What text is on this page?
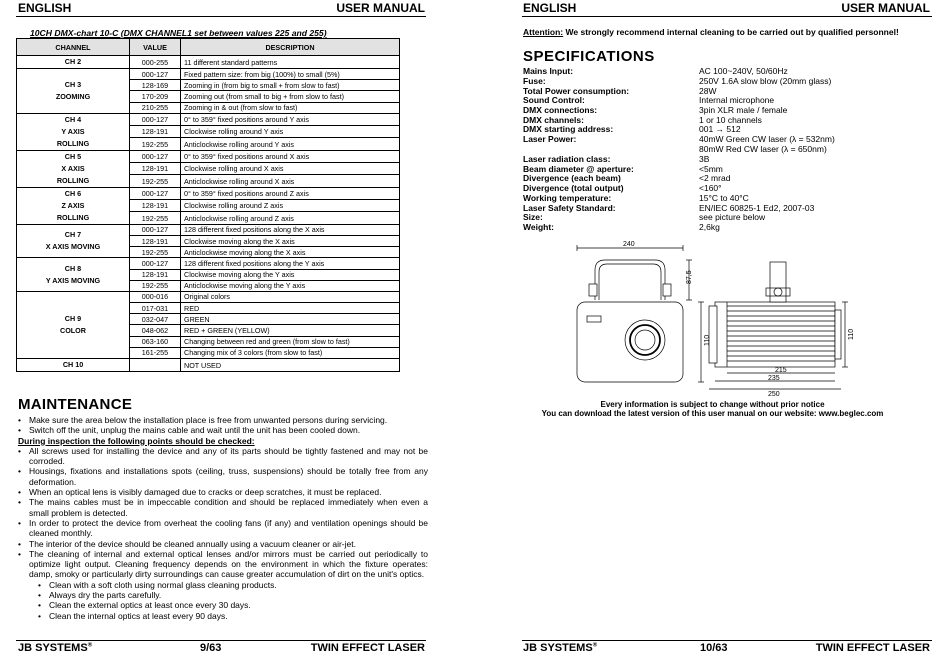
ENGLISH	USER MANUAL
10CH DMX-chart 10-C (DMX CHANNEL1 set between values 225 and 255)
CHANNEL	VALUE	DESCRIPTION
CH 2	000-255	11 different standard patterns
CH 3
ZOOMING	000-127	Fixed pattern size: from big (100%) to small (5%)
	128-169	Zooming in (from big to small + from slow to fast)
	170-209	Zooming out (from small to big + from slow to fast)
	210-255	Zooming in & out (from slow to fast)
CH 4
Y AXIS
ROLLING	000-127	0° to 359° fixed positions around Y axis
	128-191	Clockwise rolling around Y axis
	192-255	Anticlockwise rolling around Y axis
CH 5
X AXIS
ROLLING	000-127	0° to 359° fixed positions around X axis
	128-191	Clockwise rolling around X axis
	192-255	Anticlockwise rolling around X axis
CH 6
Z AXIS
ROLLING	000-127	0° to 359° fixed positions around Z axis
	128-191	Clockwise rolling around Z axis
	192-255	Anticlockwise rolling around Z axis
CH 7
X AXIS MOVING	000-127	128 different fixed positions along the X axis
	128-191	Clockwise moving along the X axis
	192-255	Anticlockwise moving along the X axis
CH 8
Y AXIS MOVING	000-127	128 different fixed positions along the Y axis
	128-191	Clockwise moving along the Y axis
	192-255	Anticlockwise moving along the Y axis
CH 9
COLOR	000-016	Original colors
	017-031	RED
	032-047	GREEN
	048-062	RED + GREEN (YELLOW)
	063-160	Changing between red and green (from slow to fast)
	161-255	Changing mix of 3 colors (from slow to fast)
CH 10		NOT USED
MAINTENANCE
• Make sure the area below the installation place is free from unwanted persons during servicing.
• Switch off the unit, unplug the mains cable and wait until the unit has been cooled down.
During inspection the following points should be checked:
• All screws used for installing the device and any of its parts should be tightly fastened and may not be corroded.
• Housings, fixations and installations spots (ceiling, truss, suspensions) should be totally free from any deformation.
• When an optical lens is visibly damaged due to cracks or deep scratches, it must be replaced.
• The mains cables must be in impeccable condition and should be replaced immediately when even a small problem is detected.
• In order to protect the device from overheat the cooling fans (if any) and ventilation openings should be cleaned monthly.
• The interior of the device should be cleaned annually using a vacuum cleaner or air-jet.
• The cleaning of internal and external optical lenses and/or mirrors must be carried out periodically to optimize light output. Cleaning frequency depends on the environment in which the fixture operates: damp, smoky or particularly dirty surroundings can cause greater accumulation of dirt on the unit's optics.
• Clean with a soft cloth using normal glass cleaning products.
• Always dry the parts carefully.
• Clean the external optics at least once every 30 days.
• Clean the internal optics at least every 90 days.
JB SYSTEMS®	9/63	TWIN EFFECT LASER
ENGLISH	USER MANUAL
Attention: We strongly recommend internal cleaning to be carried out by qualified personnel!
SPECIFICATIONS
Mains Input:	AC 100~240V, 50/60Hz
Fuse:	250V 1.6A slow blow (20mm glass)
Total Power consumption:	28W
Sound Control:	Internal microphone
DMX connections:	3pin XLR male / female
DMX channels:	1 or 10 channels
DMX starting address:	001 → 512
Laser Power:	40mW Green CW laser (λ = 532nm)
80mW Red CW laser (λ = 650nm)
Laser radiation class:	3B
Beam diameter @ aperture:	<5mm
Divergence (each beam)	<2 mrad
Divergence (total output)	<160°
Working temperature:	15°C to 40°C
Laser Safety Standard:	EN/IEC 60825-1 Ed2, 2007-03
Size:	see picture below
Weight:	2,6kg
240
87,5
110
110
215
235
250
Every information is subject to change without prior notice
You can download the latest version of this user manual on our website: www.beglec.com
JB SYSTEMS®	10/63	TWIN EFFECT LASER
